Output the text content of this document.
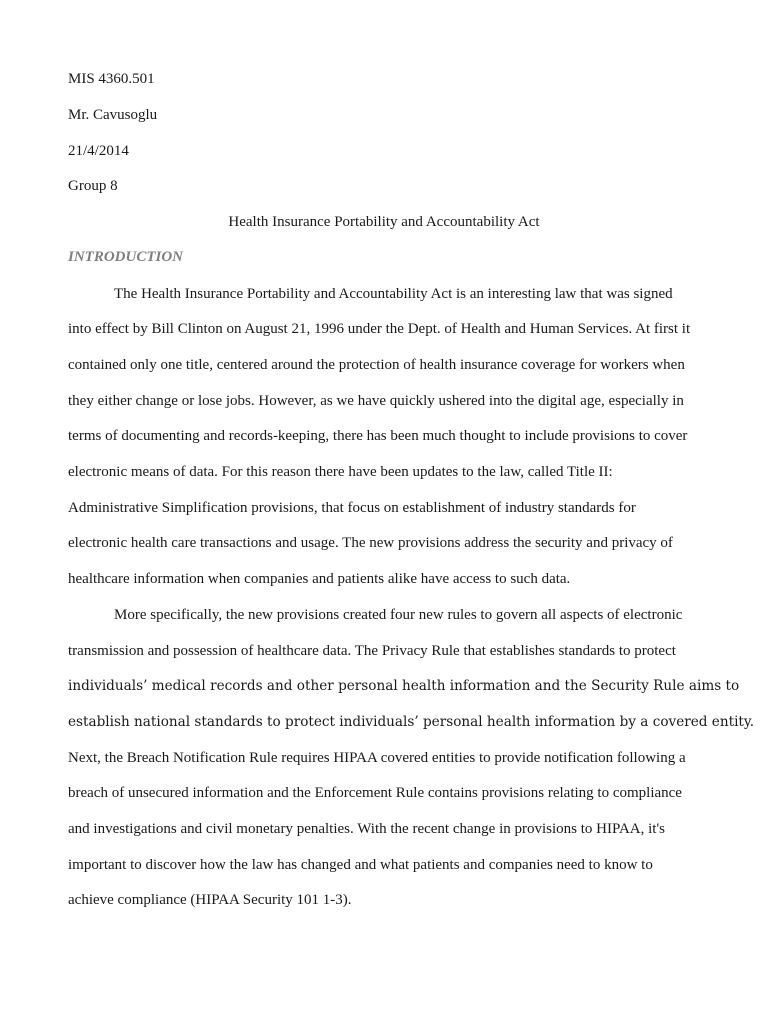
MIS 4360.501
Mr. Cavusoglu
21/4/2014
Group 8
Health Insurance Portability and Accountability Act
INTRODUCTION
The Health Insurance Portability and Accountability Act is an interesting law that was signed
into effect by Bill Clinton on August 21, 1996 under the Dept. of Health and Human Services. At first it
contained only one title, centered around the protection of health insurance coverage for workers when
they either change or lose jobs. However, as we have quickly ushered into the digital age, especially in
terms of documenting and records-keeping, there has been much thought to include provisions to cover
electronic means of data. For this reason there have been updates to the law, called Title II:
Administrative Simplification provisions, that focus on establishment of industry standards for
electronic health care transactions and usage. The new provisions address the security and privacy of
healthcare information when companies and patients alike have access to such data.
More specifically, the new provisions created four new rules to govern all aspects of electronic
transmission and possession of healthcare data. The Privacy Rule that establishes standards to protect
individuals’ medical records and other personal health information and the Security Rule aims to
establish national standards to protect individuals’ personal health information by a covered entity.
Next, the Breach Notification Rule requires HIPAA covered entities to provide notification following a
breach of unsecured information and the Enforcement Rule contains provisions relating to compliance
and investigations and civil monetary penalties. With the recent change in provisions to HIPAA, it's
important to discover how the law has changed and what patients and companies need to know to
achieve compliance (HIPAA Security 101 1-3).
